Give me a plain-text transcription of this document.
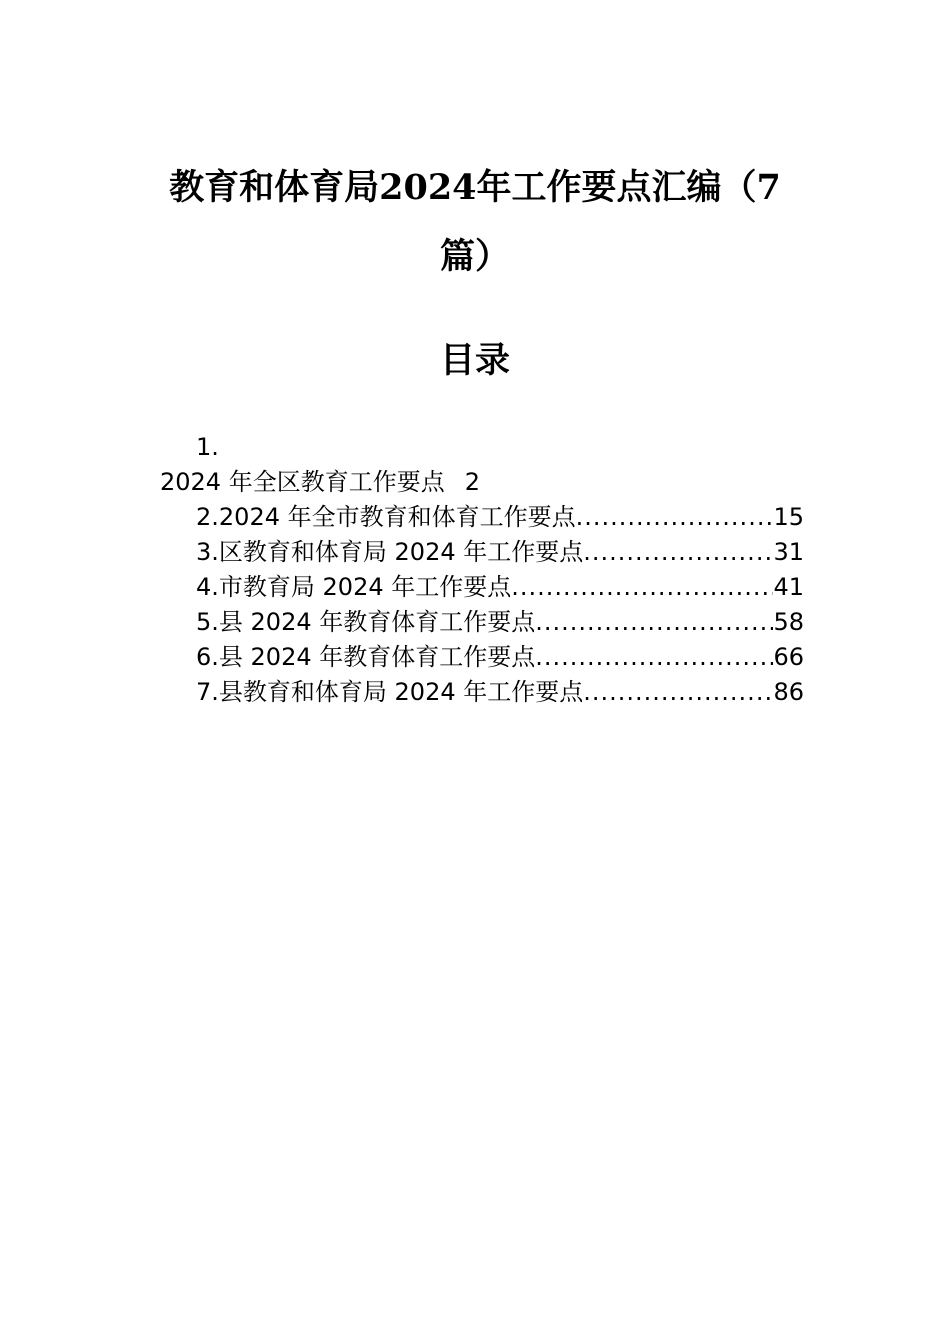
教育和体育局2024年工作要点汇编（7
篇）
目录
1.
2024 年全区教育工作要点 2
2.2024 年全市教育和体育工作要点 .....	15
3.区教育和体育局 2024 年工作要点 .....	31
4.市教育局 2024 年工作要点 .....	41
5.县 2024 年教育体育工作要点 .....	58
6.县 2024 年教育体育工作要点 .....	66
7.县教育和体育局 2024 年工作要点 .....	86
